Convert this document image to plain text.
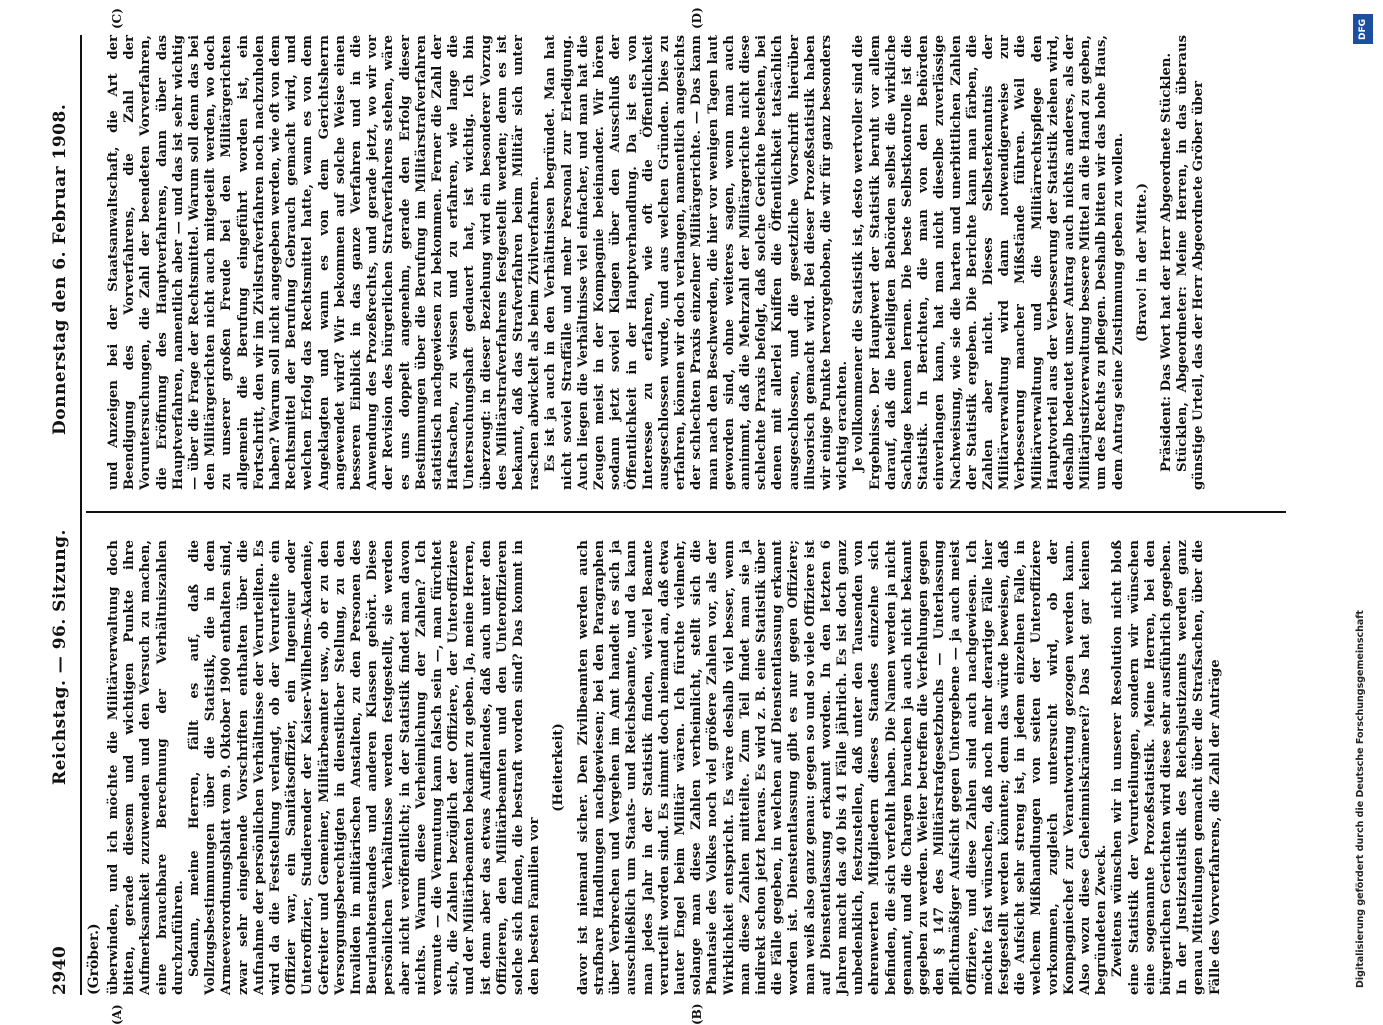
2940
Reichstag. — 96. Sitzung.
Donnerstag den 6. Februar 1908.
(Gröber.)
(A)	(B)
(C)	(D)

überwinden, und ich möchte die Militärverwaltung doch bitten, gerade diesem und wichtigen Punkte ihre Aufmerksamkeit zuzuwenden und den Versuch zu machen, eine brauchbare Berechnung der Verhältniszahlen durchzuführen. Sodann, meine Herren, fällt es auf, daß die Vollzugsbestimmungen über die Statistik, die in dem Armeeverordnungsblatt vom 9. Oktober 1900 enthalten sind, zwar sehr eingehende Vorschriften enthalten über die Aufnahme der persönlichen Verhältnisse der Verurteilten. Es wird da die Feststellung verlangt, ob der Verurteilte ein Offizier war, ein Sanitätsoffizier, ein Ingenieur oder Unteroffizier, Studierender der Kaiser-Wilhelms-Akademie, Gefreiter und Gemeiner, Militärbeamter usw., ob er zu den Versorgungsberechtigten in dienstlicher Stellung, zu den Invaliden in militärischen Anstalten, zu den Personen des Beurlaubtenstandes und anderen Klassen gehört. Diese persönlichen Verhältnisse werden festgestellt, sie werden aber nicht veröffentlicht; in der Statistik findet man davon nichts. Warum diese Verheimlichung der Zahlen? Ich vermute — die Vermutung kann falsch sein —, man fürchtet sich, die Zahlen bezüglich der Offiziere, der Unteroffiziere und der Militärbeamten bekannt zu geben. Ja, meine Herren, ist denn aber das etwas Auffallendes, daß auch unter den Offizieren, den Militärbeamten und den Unteroffizieren solche sich finden, die bestraft worden sind? Das kommt in den besten Familien vor

(Heiterkeit) davor ist niemand sicher. Den Zivilbeamten werden auch strafbare Handlungen nachgewiesen; bei den Paragraphen über Verbrechen und Vergehen im Amt handelt es sich ja ausschließlich um Staats- und Reichsbeamte, und da kann man jedes Jahr in der Statistik finden, wieviel Beamte verurteilt worden sind. Es nimmt doch niemand an, daß etwa lauter Engel beim Militär wären. Ich fürchte vielmehr, solange man diese Zahlen verheimlicht, stellt sich die Phantasie des Volkes noch viel größere Zahlen vor, als der Wirklichkeit entspricht. Es wäre deshalb viel besser, wenn man diese Zahlen mitteilte. Zum Teil findet man sie ja indirekt schon jetzt heraus. Es wird z. B. eine Statistik über die Fälle gegeben, in welchen auf Dienstentlassung erkannt worden ist. Dienstentlassung gibt es nur gegen Offiziere; man weiß also ganz genau: gegen so und so viele Offiziere ist auf Dienstentlassung erkannt worden. In den letzten 6 Jahren macht das 40 bis 41 Fälle jährlich. Es ist doch ganz unbedenklich, festzustellen, daß unter den Tausenden von ehrenwerten Mitgliedern dieses Standes einzelne sich befinden, die sich verfehlt haben. Die Namen werden ja nicht genannt, und die Chargen brauchen ja auch nicht bekannt gegeben zu werden. Weiter betreffen die Verfehlungen gegen den § 147 des Militärstrafgesetzbuchs — Unterlassung pflichtmäßiger Aufsicht gegen Untergebene — ja auch meist Offiziere, und diese Zahlen sind auch nachgewiesen. Ich möchte fast wünschen, daß noch mehr derartige Fälle hier festgestellt werden könnten; denn das würde beweisen, daß die Aufsicht sehr streng ist, in jedem einzelnen Falle, in welchem Mißhandlungen von seiten der Unteroffiziere vorkommen, zugleich untersucht wird, ob der Kompagniechef zur Verantwortung gezogen werden kann. Also wozu diese Geheimniskrämerei? Das hat gar keinen begründeten Zweck. Zweitens wünschen wir in unserer Resolution nicht bloß eine Statistik der Verurteilungen, sondern wir wünschen eine sogenannte Prozeßstatistik. Meine Herren, bei den bürgerlichen Gerichten wird diese sehr ausführlich gegeben. In der Justizstatistik des Reichsjustizamts werden ganz genau Mitteilungen gemacht über die Strafsachen, über die Fälle des Vorverfahrens, die Zahl der Anträge

und Anzeigen bei der Staatsanwaltschaft, die Art der Beendigung des Vorverfahrens, die Zahl der Voruntersuchungen, die Zahl der beendeten Vorverfahren, die Eröffnung des Hauptverfahrens, dann über das Hauptverfahren, namentlich aber — und das ist sehr wichtig — über die Frage der Rechtsmittel. Warum soll denn das bei den Militärgerichten nicht auch mitgeteilt werden, wo doch zu unserer großen Freude bei den Militärgerichten allgemein die Berufung eingeführt worden ist, ein Fortschritt, den wir im Zivilstrafverfahren noch nachzuholen haben? Warum soll nicht angegeben werden, wie oft von dem Rechtsmittel der Berufung Gebrauch gemacht wird, und welchen Erfolg das Rechtsmittel hatte, wann es von dem Angeklagten und wann es von dem Gerichtsherrn angewendet wird? Wir bekommen auf solche Weise einen besseren Einblick in das ganze Verfahren und in die Anwendung des Prozeßrechts, und gerade jetzt, wo wir vor der Revision des bürgerlichen Strafverfahrens stehen, wäre es uns doppelt angenehm, gerade den Erfolg dieser Bestimmungen über die Berufung im Militärstrafverfahren statistisch nachgewiesen zu bekommen. Ferner die Zahl der Haftsachen, zu wissen und zu erfahren, wie lange die Untersuchungshaft gedauert hat, ist wichtig. Ich bin überzeugt: in dieser Beziehung wird ein besonderer Vorzug des Militärstrafverfahrens festgestellt werden; denn es ist bekannt, daß das Strafverfahren beim Militär sich unter raschen abwickelt als beim Zivilverfahren. Es ist ja auch in den Verhältnissen begründet. Man hat nicht soviel Straffälle und mehr Personal zur Erledigung. Auch liegen die Verhältnisse viel einfacher, und man hat die Zeugen meist in der Kompagnie beieinander. Wir hören sodann jetzt soviel Klagen über den Ausschluß der Öffentlichkeit in der Hauptverhandlung. Da ist es von Interesse zu erfahren, wie oft die Öffentlichkeit ausgeschlossen wurde, und aus welchen Gründen. Dies zu erfahren, können wir doch verlangen, namentlich angesichts der schlechten Praxis einzelner Militärgerichte. — Das kann man nach den Beschwerden, die hier vor wenigen Tagen laut geworden sind, ohne weiteres sagen, wenn man auch annimmt, daß die Mehrzahl der Militärgerichte nicht diese schlechte Praxis befolgt, daß solche Gerichte bestehen, bei denen mit allerlei Kniffen die Öffentlichkeit tatsächlich ausgeschlossen, und die gesetzliche Vorschrift hierüber illusorisch gemacht wird. Bei dieser Prozeßstatistik haben wir einige Punkte hervorgehoben, die wir für ganz besonders wichtig erachten. Je vollkommener die Statistik ist, desto wertvoller sind die Ergebnisse. Der Hauptwert der Statistik beruht vor allem darauf, daß die beteiligten Behörden selbst die wirkliche Sachlage kennen lernen. Die beste Selbstkontrolle ist die Statistik. In Berichten, die man von den Behörden einverlangen kann, hat man nicht dieselbe zuverlässige Nachweisung, wie sie die harten und unerbittlichen Zahlen der Statistik ergeben. Die Berichte kann man färben, die Zahlen aber nicht. Dieses Selbsterkenntnis der Militärverwaltung wird dann notwendigerweise zur Verbesserung mancher Mißstände führen. Weil die Militärverwaltung und die Militärrechtspflege den Hauptvorteil aus der Verbesserung der Statistik ziehen wird, deshalb bedeutet unser Antrag auch nichts anderes, als der Militärjustizverwaltung bessere Mittel an die Hand zu geben, um des Rechts zu pflegen. Deshalb bitten wir das hohe Haus, dem Antrag seine Zustimmung geben zu wollen. (Bravo! in der Mitte.) Präsident: Das Wort hat der Herr Abgeordnete Stücklen. Stücklen, Abgeordneter: Meine Herren, in das überaus günstige Urteil, das der Herr Abgeordnete Gröber über

DFG
Digitalisierung gefördert durch die Deutsche Forschungsgemeinschaft
